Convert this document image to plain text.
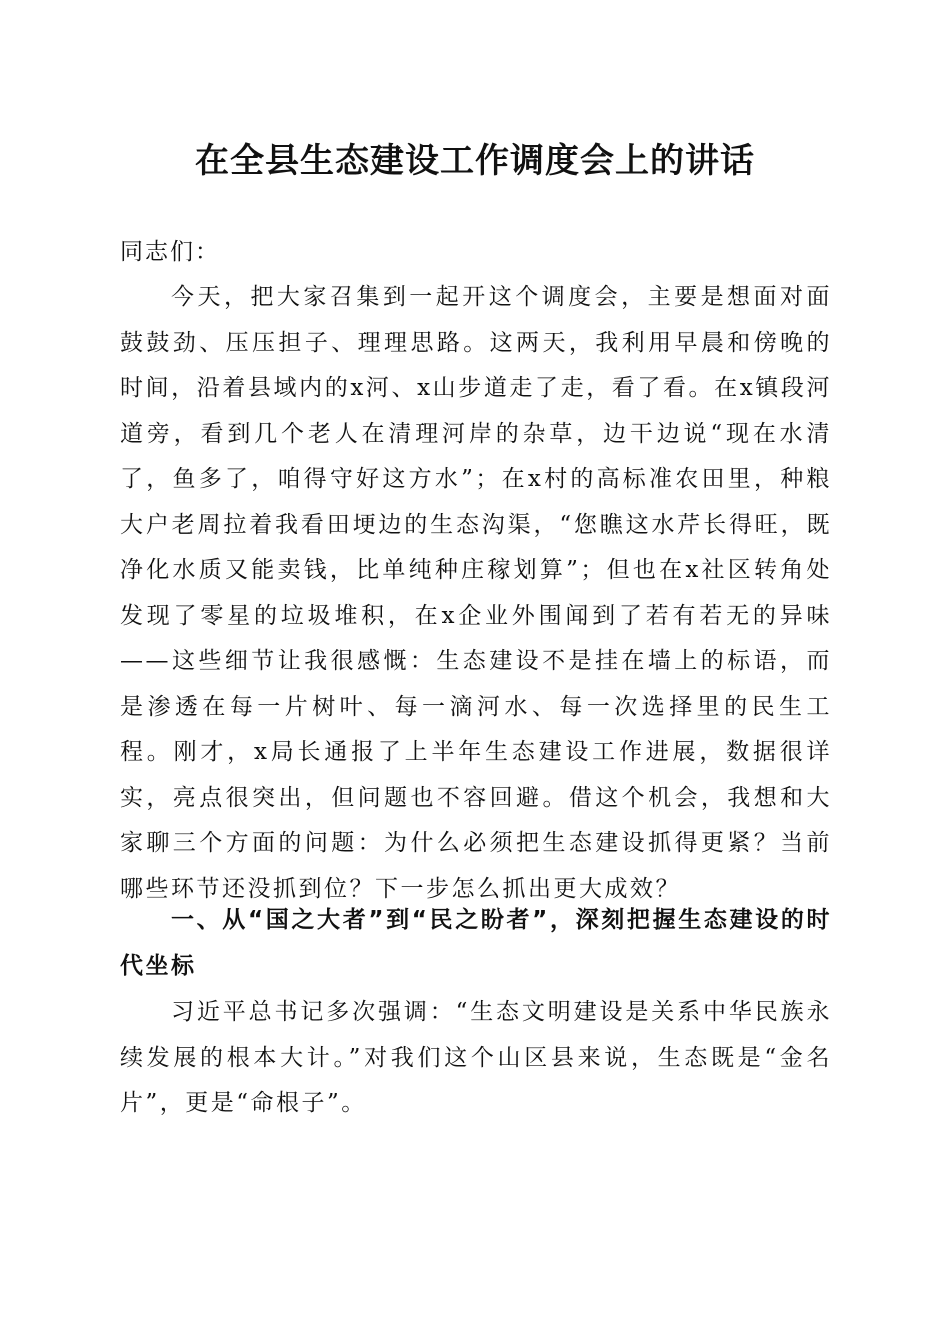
在全县生态建设工作调度会上的讲话

同志们：

今天，把大家召集到一起开这个调度会，主要是想面对面鼓鼓劲、压压担子、理理思路。这两天，我利用早晨和傍晚的时间，沿着县域内的x河、x山步道走了走，看了看。在x镇段河道旁，看到几个老人在清理河岸的杂草，边干边说“现在水清了，鱼多了，咱得守好这方水”；在x村的高标准农田里，种粮大户老周拉着我看田埂边的生态沟渠，“您瞧这水芹长得旺，既净化水质又能卖钱，比单纯种庄稼划算”；但也在x社区转角处发现了零星的垃圾堆积，在x企业外围闻到了若有若无的异味——这些细节让我很感慨：生态建设不是挂在墙上的标语，而是渗透在每一片树叶、每一滴河水、每一次选择里的民生工程。刚才，x局长通报了上半年生态建设工作进展，数据很详实，亮点很突出，但问题也不容回避。借这个机会，我想和大家聊三个方面的问题：为什么必须把生态建设抓得更紧？当前哪些环节还没抓到位？下一步怎么抓出更大成效？

一、从“国之大者”到“民之盼者”，深刻把握生态建设的时代坐标

习近平总书记多次强调：“生态文明建设是关系中华民族永续发展的根本大计。”对我们这个山区县来说，生态既是“金名片”，更是“命根子”。
